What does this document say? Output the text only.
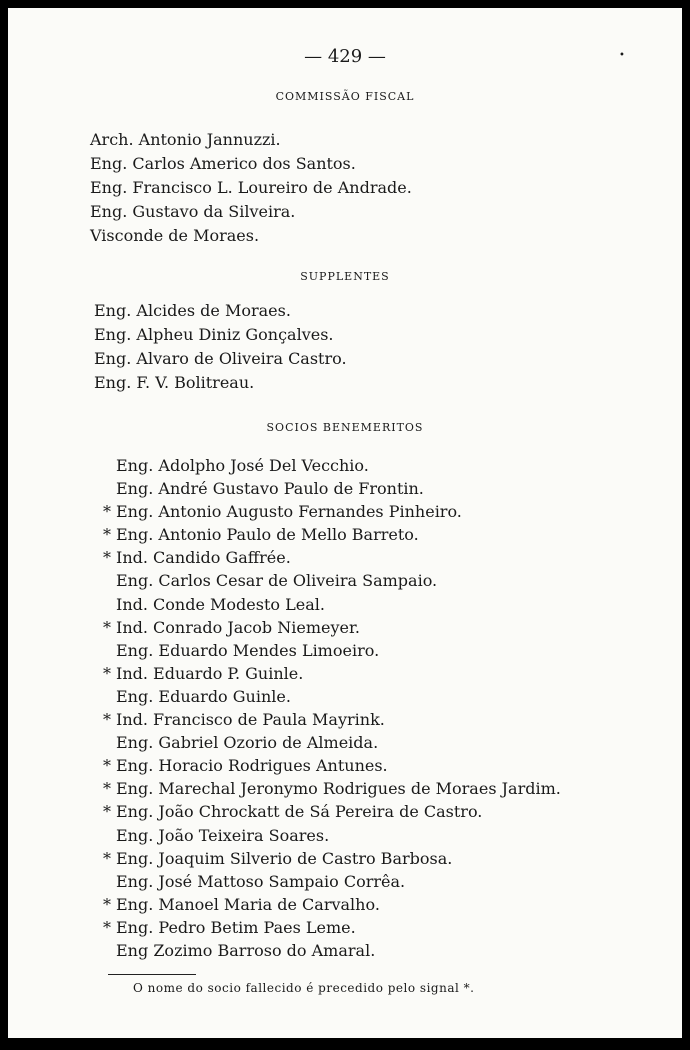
— 429 —	•
COMMISSÃO FISCAL
Arch. Antonio Jannuzzi.
Eng. Carlos Americo dos Santos.
Eng. Francisco L. Loureiro de Andrade.
Eng. Gustavo da Silveira.
Visconde de Moraes.
SUPPLENTES
Eng. Alcides de Moraes.
Eng. Alpheu Diniz Gonçalves.
Eng. Alvaro de Oliveira Castro.
Eng. F. V. Bolitreau.
SOCIOS BENEMERITOS
Eng. Adolpho José Del Vecchio.
Eng. André Gustavo Paulo de Frontin.
* Eng. Antonio Augusto Fernandes Pinheiro.
* Eng. Antonio Paulo de Mello Barreto.
* Ind. Candido Gaffrée.
Eng. Carlos Cesar de Oliveira Sampaio.
Ind. Conde Modesto Leal.
* Ind. Conrado Jacob Niemeyer.
Eng. Eduardo Mendes Limoeiro.
* Ind. Eduardo P. Guinle.
Eng. Eduardo Guinle.
* Ind. Francisco de Paula Mayrink.
Eng. Gabriel Ozorio de Almeida.
* Eng. Horacio Rodrigues Antunes.
* Eng. Marechal Jeronymo Rodrigues de Moraes Jardim.
* Eng. João Chrockatt de Sá Pereira de Castro.
Eng. João Teixeira Soares.
* Eng. Joaquim Silverio de Castro Barbosa.
Eng. José Mattoso Sampaio Corrêa.
* Eng. Manoel Maria de Carvalho.
* Eng. Pedro Betim Paes Leme.
Eng Zozimo Barroso do Amaral.
O nome do socio fallecido é precedido pelo signal *.
